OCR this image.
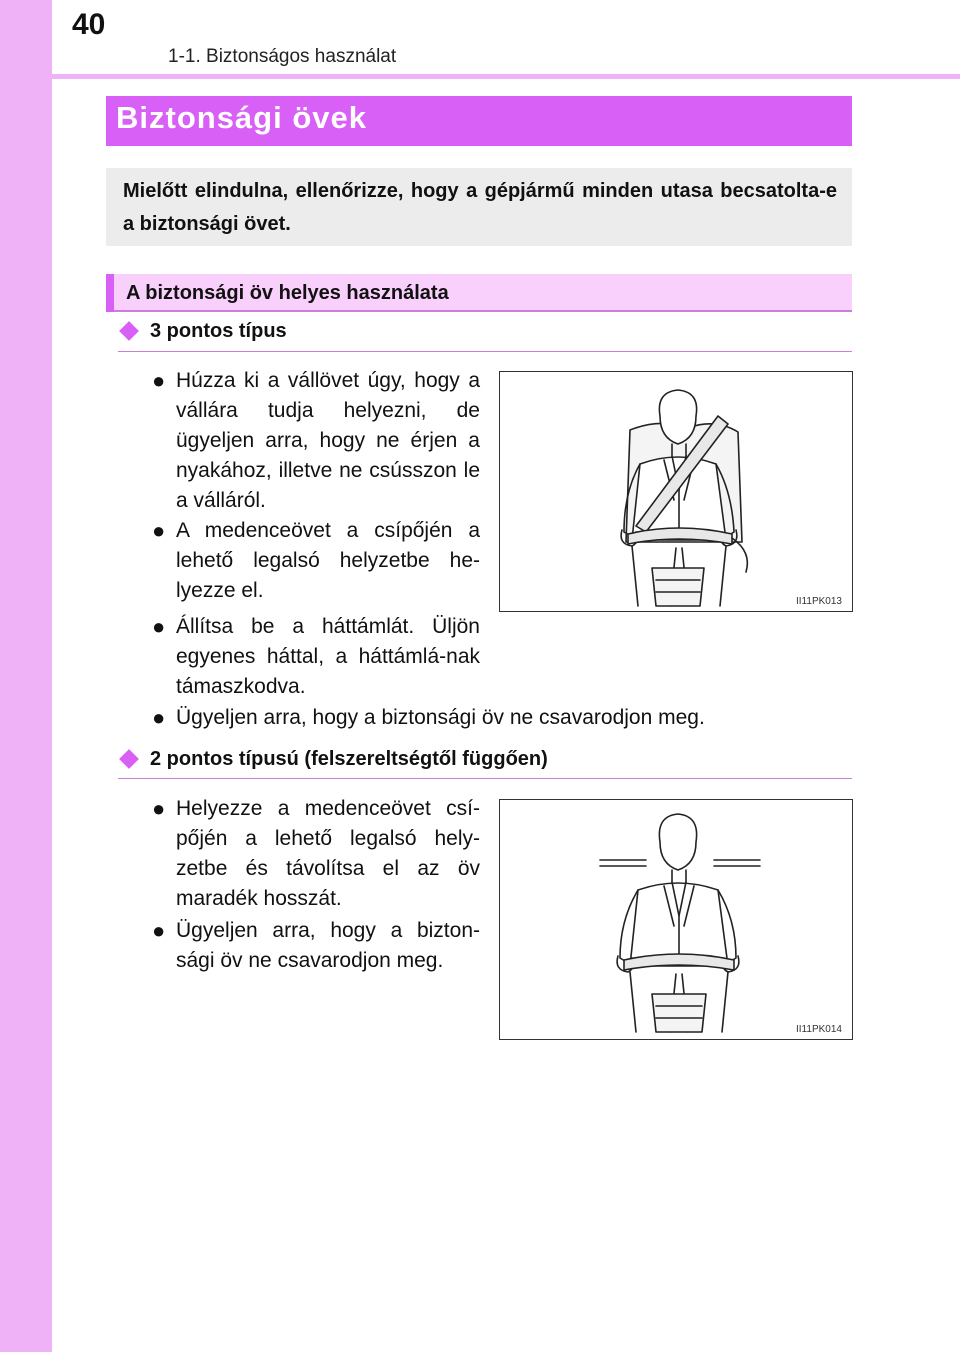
40
1-1. Biztonságos használat
Biztonsági övek
Mielőtt elindulna, ellenőrizze, hogy a gépjármű minden utasa becsatolta-e a biztonsági övet.
A biztonsági öv helyes használata
3 pontos típus
● Húzza ki a vállövet úgy, hogy a vállára tudja helyezni, de ügyeljen arra, hogy ne érjen a nyakához, illetve ne csússzon le a válláról.
● A medenceövet a csípőjén a lehető legalsó helyzetbe he-lyezze el.
● Állítsa be a háttámlát. Üljön egyenes háttal, a háttámlá-nak támaszkodva.
● Ügyeljen arra, hogy a biztonsági öv ne csavarodjon meg.
II11PK013
2 pontos típusú (felszereltségtől függően)
● Helyezze a medenceövet csí-pőjén a lehető legalsó hely-zetbe és távolítsa el az öv maradék hosszát.
● Ügyeljen arra, hogy a bizton-sági öv ne csavarodjon meg.
II11PK014
